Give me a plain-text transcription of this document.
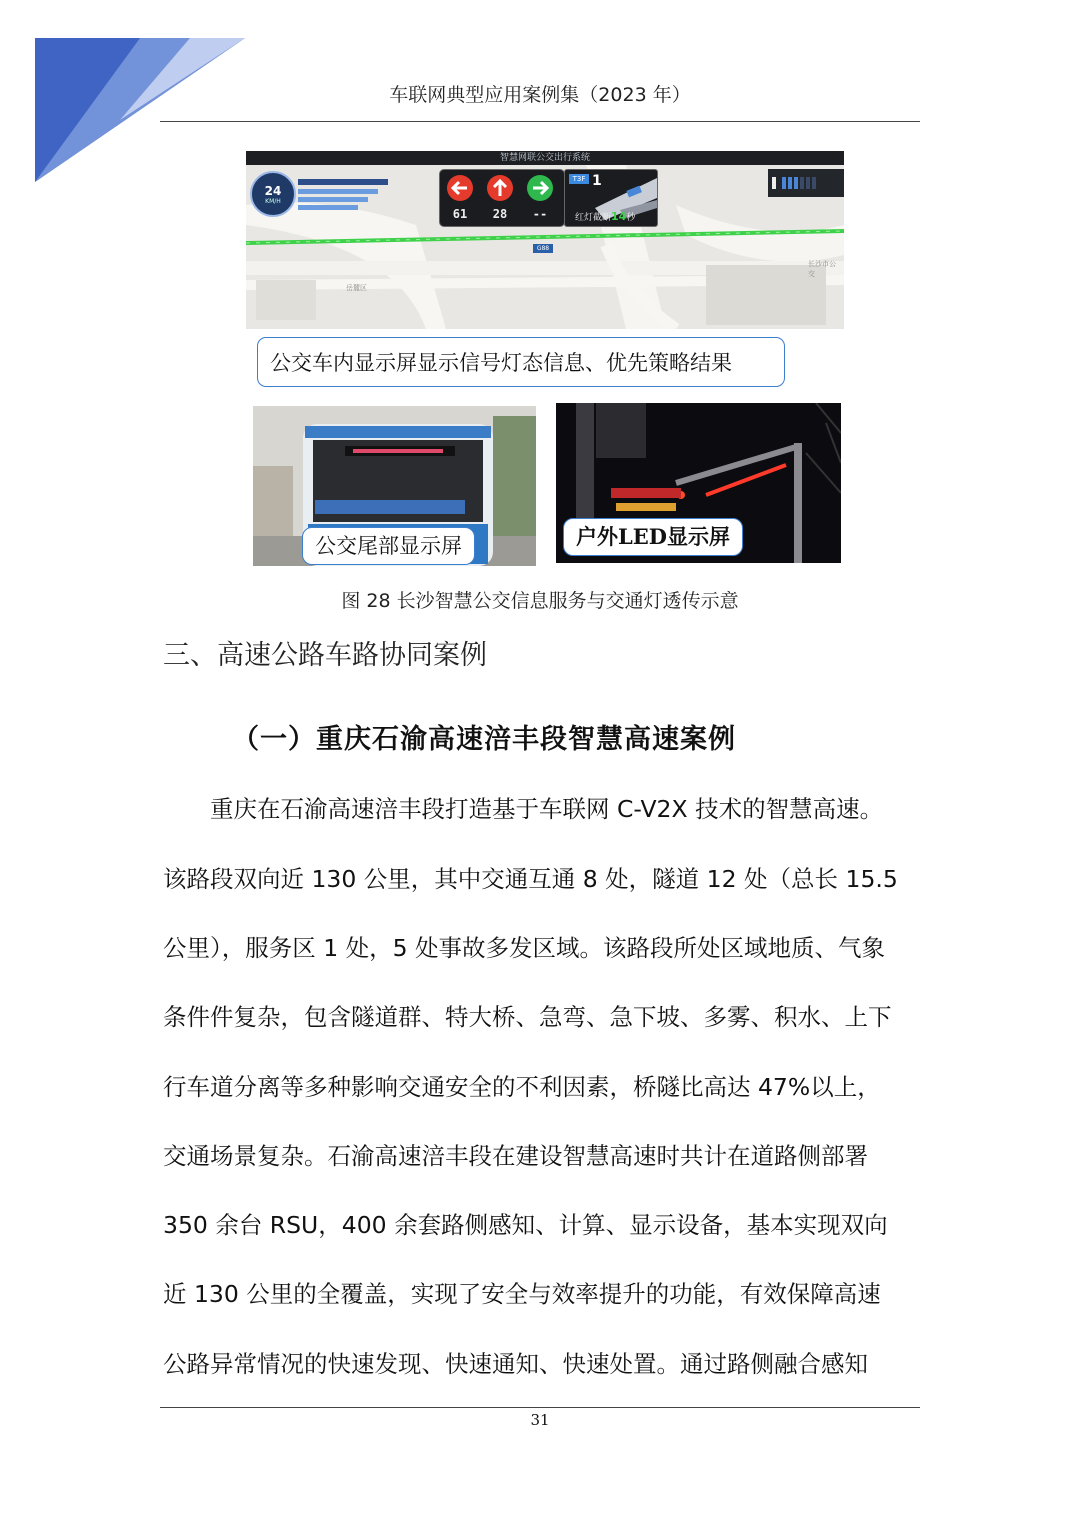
车联网典型应用案例集（2023 年）
智慧网联公交出行系统
24
KM/H
61	28	--
T3F 1
红灯截断14秒
G88
岳麓区
长沙市公交
公交车内显示屏显示信号灯态信息、优先策略结果
公交尾部显示屏	户外LED显示屏
图 28 长沙智慧公交信息服务与交通灯透传示意
三、高速公路车路协同案例
（一）重庆石渝高速涪丰段智慧高速案例
　　重庆在石渝高速涪丰段打造基于车联网 C-V2X 技术的智慧高速。
该路段双向近 130 公里，其中交通互通 8 处，隧道 12 处（总长 15.5
公里），服务区 1 处，5 处事故多发区域。该路段所处区域地质、气象
条件件复杂，包含隧道群、特大桥、急弯、急下坡、多雾、积水、上下
行车道分离等多种影响交通安全的不利因素，桥隧比高达 47%以上，
交通场景复杂。石渝高速涪丰段在建设智慧高速时共计在道路侧部署
350 余台 RSU，400 余套路侧感知、计算、显示设备，基本实现双向
近 130 公里的全覆盖，实现了安全与效率提升的功能，有效保障高速
公路异常情况的快速发现、快速通知、快速处置。通过路侧融合感知
31
